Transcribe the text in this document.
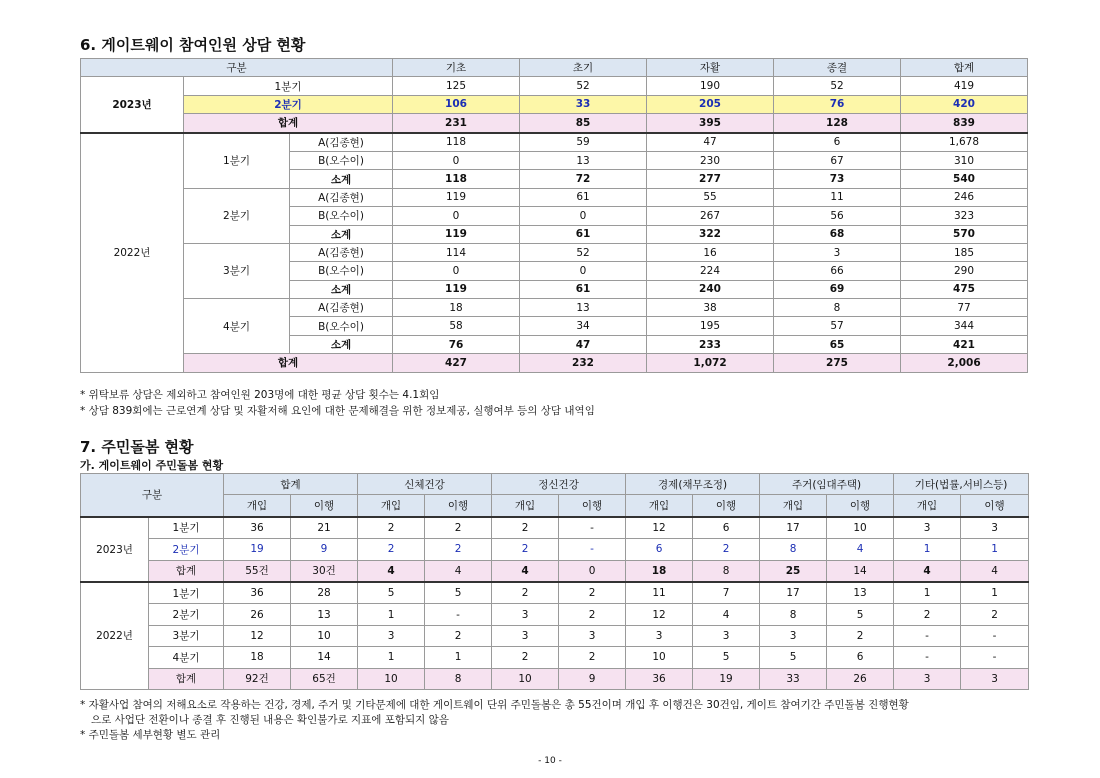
6. 게이트웨이 참여인원 상담 현황
구분			기초	초기	자활	종결	합계
2023년	1분기		125	52	190	52	419
	2분기		106	33	205	76	420
	합계		231	85	395	128	839
2022년	1분기	A(김종현)	118	59	47	6	1,678
		B(오수이)	0	13	230	67	310
		소계	118	72	277	73	540
	2분기	A(김종현)	119	61	55	11	246
		B(오수이)	0	0	267	56	323
		소계	119	61	322	68	570
	3분기	A(김종현)	114	52	16	3	185
		B(오수이)	0	0	224	66	290
		소계	119	61	240	69	475
	4분기	A(김종현)	18	13	38	8	77
		B(오수이)	58	34	195	57	344
		소계	76	47	233	65	421
	합계		427	232	1,072	275	2,006
* 위탁보류 상담은 제외하고 참여인원 203명에 대한 평균 상담 횟수는 4.1회임
* 상담 839회에는 근로연계 상담 및 자활저해 요인에 대한 문제해결을 위한 정보제공, 실행여부 등의 상담 내역임
7. 주민돌봄 현황
가. 게이트웨이 주민돌봄 현황
구분		합계		신체건강		정신건강		경제(채무조정)		주거(임대주택)		기타(법률,서비스등)	
		개입	이행	개입	이행	개입	이행	개입	이행	개입	이행	개입	이행
2023년	1분기	36	21	2	2	2	-	12	6	17	10	3	3
	2분기	19	9	2	2	2	-	6	2	8	4	1	1
	합계	55건	30건	4	4	4	0	18	8	25	14	4	4
2022년	1분기	36	28	5	5	2	2	11	7	17	13	1	1
	2분기	26	13	1	-	3	2	12	4	8	5	2	2
	3분기	12	10	3	2	3	3	3	3	3	2	-	-
	4분기	18	14	1	1	2	2	10	5	5	6	-	-
	합계	92건	65건	10	8	10	9	36	19	33	26	3	3
* 자활사업 참여의 저해요소로 작용하는 건강, 경제, 주거 및 기타문제에 대한 게이트웨이 단위 주민돌봄은 총 55건이며 개입 후 이행건은 30건임, 게이트 참여기간 주민돌봄 진행현황
으로 사업단 전환이나 종결 후 진행된 내용은 확인불가로 지표에 포함되지 않음
* 주민돌봄 세부현황 별도 관리
- 10 -
